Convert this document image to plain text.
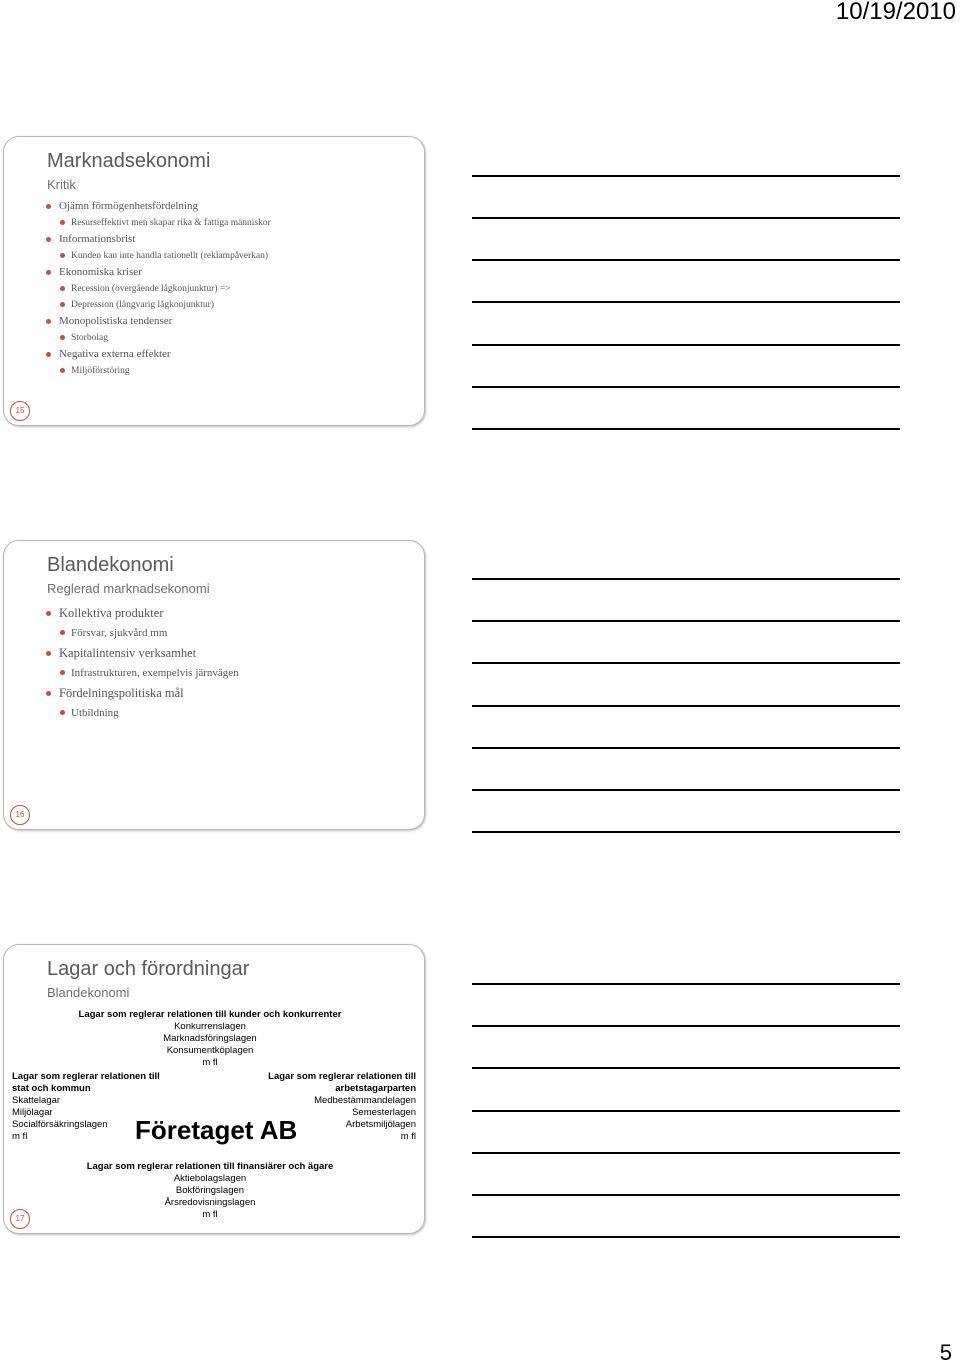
10/19/2010
Marknadsekonomi
Kritik
Ojämn förmögenhetsfördelning
Resurseffektivt men skapar rika & fattiga människor
Informationsbrist
Kunden kan inte handla rationellt (reklampåverkan)
Ekonomiska kriser
Recession (övergående lågkonjunktur) =>
Depression (långvarig lågkonjunktur)
Monopolistiska tendenser
Storbolag
Negativa externa effekter
Miljöförstöring
15
Blandekonomi
Reglerad marknadsekonomi
Kollektiva produkter
Försvar, sjukvård mm
Kapitalintensiv verksamhet
Infrastrukturen, exempelvis järnvägen
Fördelningspolitiska mål
Utbildning
16
Lagar och förordningar
Blandekonomi
Lagar som reglerar relationen till kunder och konkurrenter
Konkurrenslagen
Marknadsföringslagen
Konsumentköplagen
m fl
Lagar som reglerar relationen till
stat och kommun
Skattelagar
Miljölagar
Socialförsäkringslagen
m fl
Lagar som reglerar relationen till
arbetstagarparten
Medbestämmandelagen
Semesterlagen
Arbetsmiljölagen
m fl
Företaget AB
Lagar som reglerar relationen till finansiärer och ägare
Aktiebolagslagen
Bokföringslagen
Årsredovisningslagen
m fl
17
5
